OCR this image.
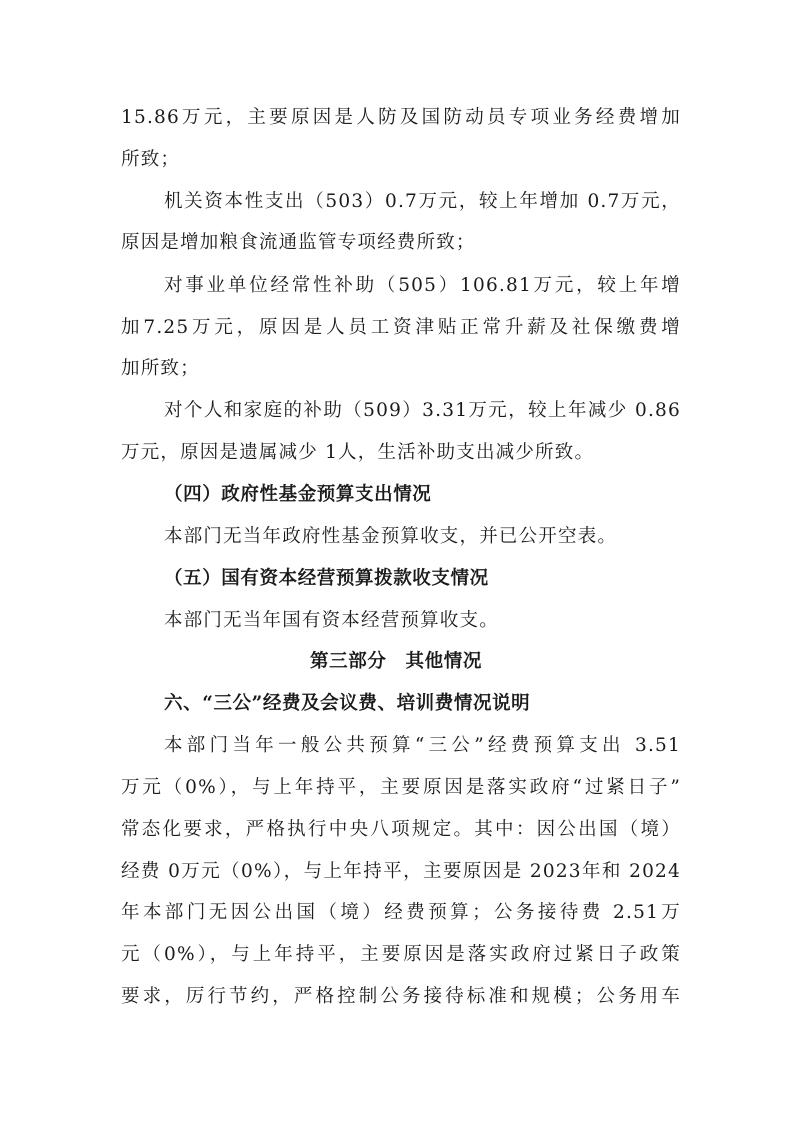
15.86万元，主要原因是人防及国防动员专项业务经费增加
所致；
机关资本性支出（503）0.7万元，较上年增加 0.7万元，
原因是增加粮食流通监管专项经费所致；
对事业单位经常性补助（505）106.81万元，较上年增
加7.25万元，原因是人员工资津贴正常升薪及社保缴费增
加所致；
对个人和家庭的补助（509）3.31万元，较上年减少 0.86
万元，原因是遗属减少 1人，生活补助支出减少所致。
（四）政府性基金预算支出情况
本部门无当年政府性基金预算收支，并已公开空表。
（五）国有资本经营预算拨款收支情况
本部门无当年国有资本经营预算收支。
第三部分　其他情况
六、“三公”经费及会议费、培训费情况说明
本部门当年一般公共预算“三公”经费预算支出 3.51
万元（0%），与上年持平，主要原因是落实政府“过紧日子”
常态化要求，严格执行中央八项规定。其中：因公出国（境）
经费 0万元（0%），与上年持平，主要原因是 2023年和 2024
年本部门无因公出国（境）经费预算；公务接待费 2.51万
元（0%），与上年持平，主要原因是落实政府过紧日子政策
要求，厉行节约，严格控制公务接待标准和规模；公务用车
